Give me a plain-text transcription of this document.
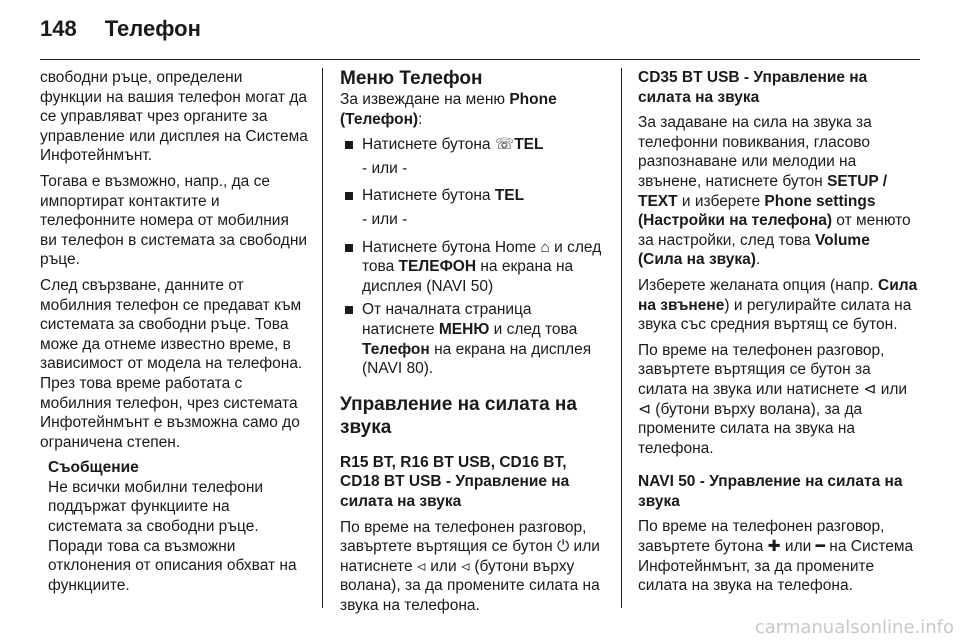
148 Телефон

свободни ръце, определени функции на вашия телефон могат да се управляват чрез органите за управление или дисплея на Система Инфотейнмънт.

Тогава е възможно, напр., да се импортират контактите и телефонните номера от мобилния ви телефон в системата за свободни ръце.

След свързване, данните от мобилния телефон се предават към системата за свободни ръце. Това може да отнеме известно време, в зависимост от модела на телефона. През това време работата с мобилния телефон, чрез системата Инфотейнмънт е възможна само до ограничена степен.

Съобщение
Не всички мобилни телефони поддържат функциите на системата за свободни ръце. Поради това са възможни отклонения от описания обхват на функциите.
Меню Телефон

За извеждане на меню Phone (Телефон):

Натиснете бутона ☏TEL
- или -
Натиснете бутона TEL
- или -
Натиснете бутона Home ⌂ и след това ТЕЛЕФОН на екрана на дисплея (NAVI 50)
От началната страница натиснете МЕНЮ и след това Телефон на екрана на дисплея (NAVI 80).
Управление на силата на звука

R15 BT, R16 BT USB, CD16 BT, CD18 BT USB - Управление на силата на звука

По време на телефонен разговор, завъртете въртящия се бутон ⏻ или натиснете ⊲ или ⊲ (бутони върху волана), за да промените силата на звука на телефона.

CD35 BT USB - Управление на силата на звука

За задаване на сила на звука за телефонни повиквания, гласово разпознаване или мелодии на звънене, натиснете бутон SETUP / TEXT и изберете Phone settings (Настройки на телефона) от менюто за настройки, след това Volume (Сила на звука).

Изберете желаната опция (напр. Сила на звънене) и регулирайте силата на звука със средния въртящ се бутон.

По време на телефонен разговор, завъртете въртящия се бутон за силата на звука или натиснете ⊲ или ⊲ (бутони върху волана), за да промените силата на звука на телефона.

NAVI 50 - Управление на силата на звука

По време на телефонен разговор, завъртете бутона ✚ или ━ на Система Инфотейнмънт, за да промените силата на звука на телефона.

carmanualsonline.info
